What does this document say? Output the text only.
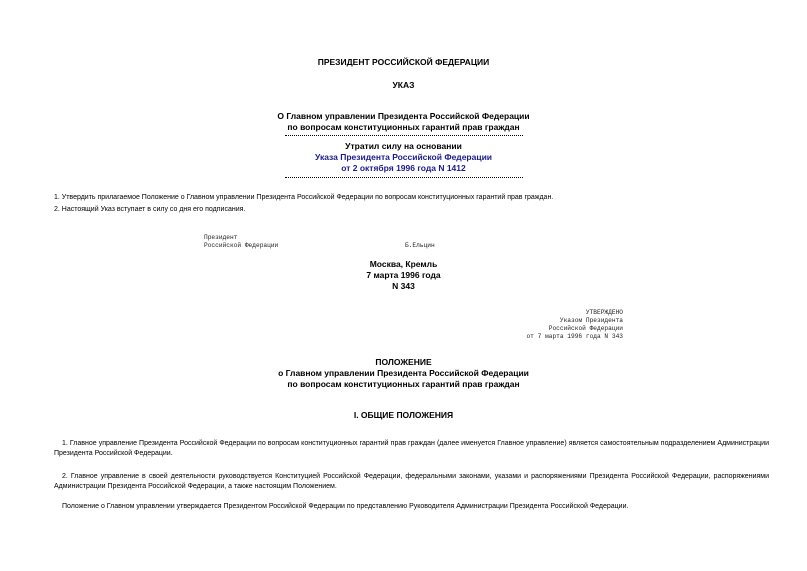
ПРЕЗИДЕНТ РОССИЙСКОЙ ФЕДЕРАЦИИ
УКАЗ
О Главном управлении Президента Российской Федерации
по вопросам конституционных гарантий прав граждан
Утратил силу на основании
Указа Президента Российской Федерации
от 2 октября 1996 года N 1412
1. Утвердить прилагаемое Положение о Главном управлении Президента Российской Федерации по вопросам конституционных гарантий прав граждан.
2. Настоящий Указ вступает в силу со дня его подписания.
Президент
Российской Федерации	Б.Ельцин
Москва, Кремль
7 марта 1996 года
N 343
УТВЕРЖДЕНО
Указом Президента
Российской Федерации
от 7 марта 1996 года N 343
ПОЛОЖЕНИЕ
о Главном управлении Президента Российской Федерации
по вопросам конституционных гарантий прав граждан
I. ОБЩИЕ ПОЛОЖЕНИЯ
1. Главное управление Президента Российской Федерации по вопросам конституционных гарантий прав граждан (далее именуется Главное управление) является самостоятельным подразделением Администрации Президента Российской Федерации.
2. Главное управление в своей деятельности руководствуется Конституцией Российской Федерации, федеральными законами, указами и распоряжениями Президента Российской Федерации, распоряжениями Администрации Президента Российской Федерации, а также настоящим Положением.
Положение о Главном управлении утверждается Президентом Российской Федерации по представлению Руководителя Администрации Президента Российской Федерации.
